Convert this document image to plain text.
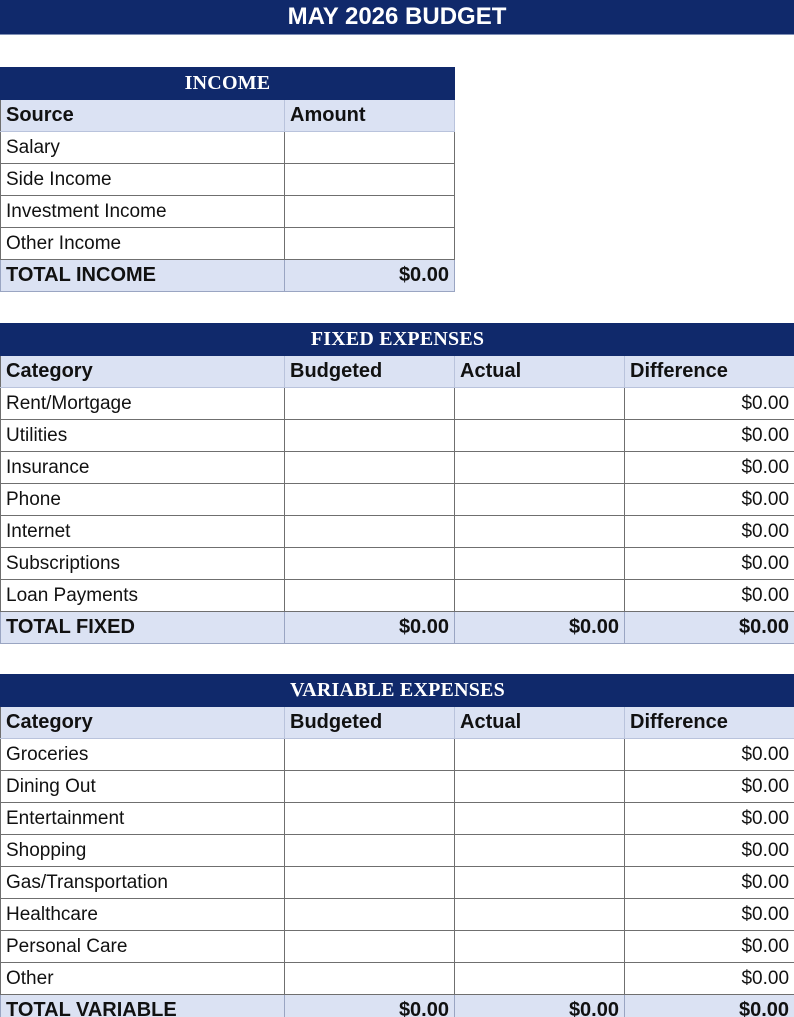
MAY 2026 BUDGET
INCOME	
Source	Amount
Salary	
Side Income	
Investment Income	
Other Income	
TOTAL INCOME	$0.00
FIXED EXPENSES			
Category	Budgeted	Actual	Difference
Rent/Mortgage			$0.00
Utilities			$0.00
Insurance			$0.00
Phone			$0.00
Internet			$0.00
Subscriptions			$0.00
Loan Payments			$0.00
TOTAL FIXED	$0.00	$0.00	$0.00
VARIABLE EXPENSES			
Category	Budgeted	Actual	Difference
Groceries			$0.00
Dining Out			$0.00
Entertainment			$0.00
Shopping			$0.00
Gas/Transportation			$0.00
Healthcare			$0.00
Personal Care			$0.00
Other			$0.00
TOTAL VARIABLE	$0.00	$0.00	$0.00
